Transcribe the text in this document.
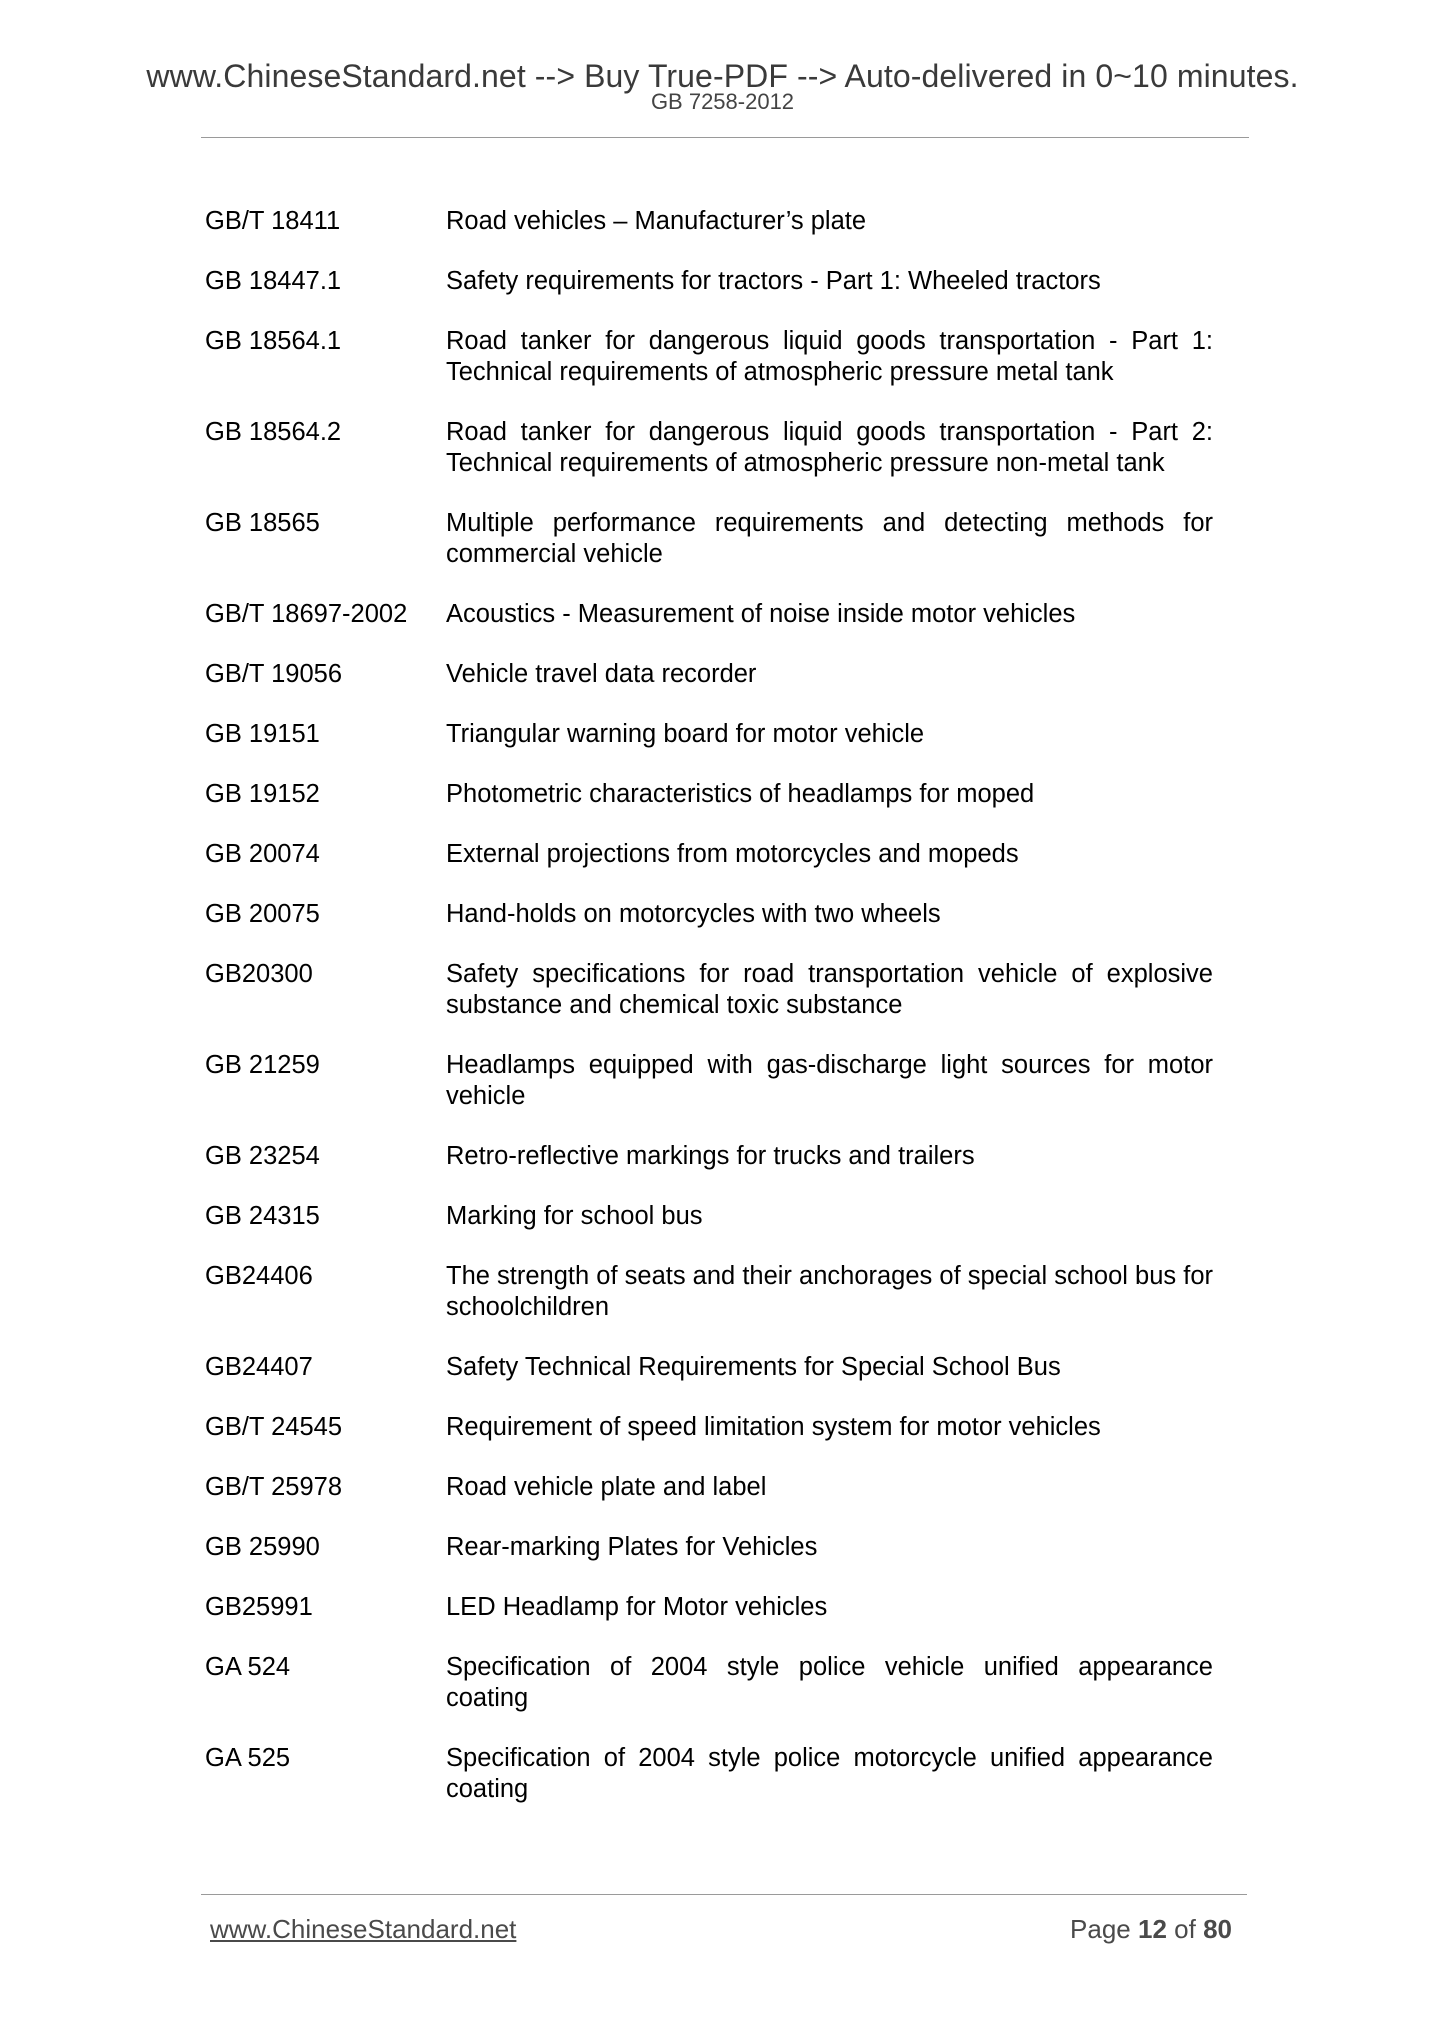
www.ChineseStandard.net --> Buy True-PDF --> Auto-delivered in 0~10 minutes.
GB 7258-2012
GB/T 18411	Road vehicles – Manufacturer’s plate
GB 18447.1	Safety requirements for tractors - Part 1: Wheeled tractors
GB 18564.1	Road tanker for dangerous liquid goods transportation - Part 1: Technical requirements of atmospheric pressure metal tank
GB 18564.2	Road tanker for dangerous liquid goods transportation - Part 2: Technical requirements of atmospheric pressure non-metal tank
GB 18565	Multiple performance requirements and detecting methods for commercial vehicle
GB/T 18697-2002	Acoustics - Measurement of noise inside motor vehicles
GB/T 19056	Vehicle travel data recorder
GB 19151	Triangular warning board for motor vehicle
GB 19152	Photometric characteristics of headlamps for moped
GB 20074	External projections from motorcycles and mopeds
GB 20075	Hand-holds on motorcycles with two wheels
GB20300	Safety specifications for road transportation vehicle of explosive substance and chemical toxic substance
GB 21259	Headlamps equipped with gas-discharge light sources for motor vehicle
GB 23254	Retro-reflective markings for trucks and trailers
GB 24315	Marking for school bus
GB24406	The strength of seats and their anchorages of special school bus for schoolchildren
GB24407	Safety Technical Requirements for Special School Bus
GB/T 24545	Requirement of speed limitation system for motor vehicles
GB/T 25978	Road vehicle plate and label
GB 25990	Rear-marking Plates for Vehicles
GB25991	LED Headlamp for Motor vehicles
GA 524	Specification of 2004 style police vehicle unified appearance coating
GA 525	Specification of 2004 style police motorcycle unified appearance coating
www.ChineseStandard.net	Page 12 of 80
